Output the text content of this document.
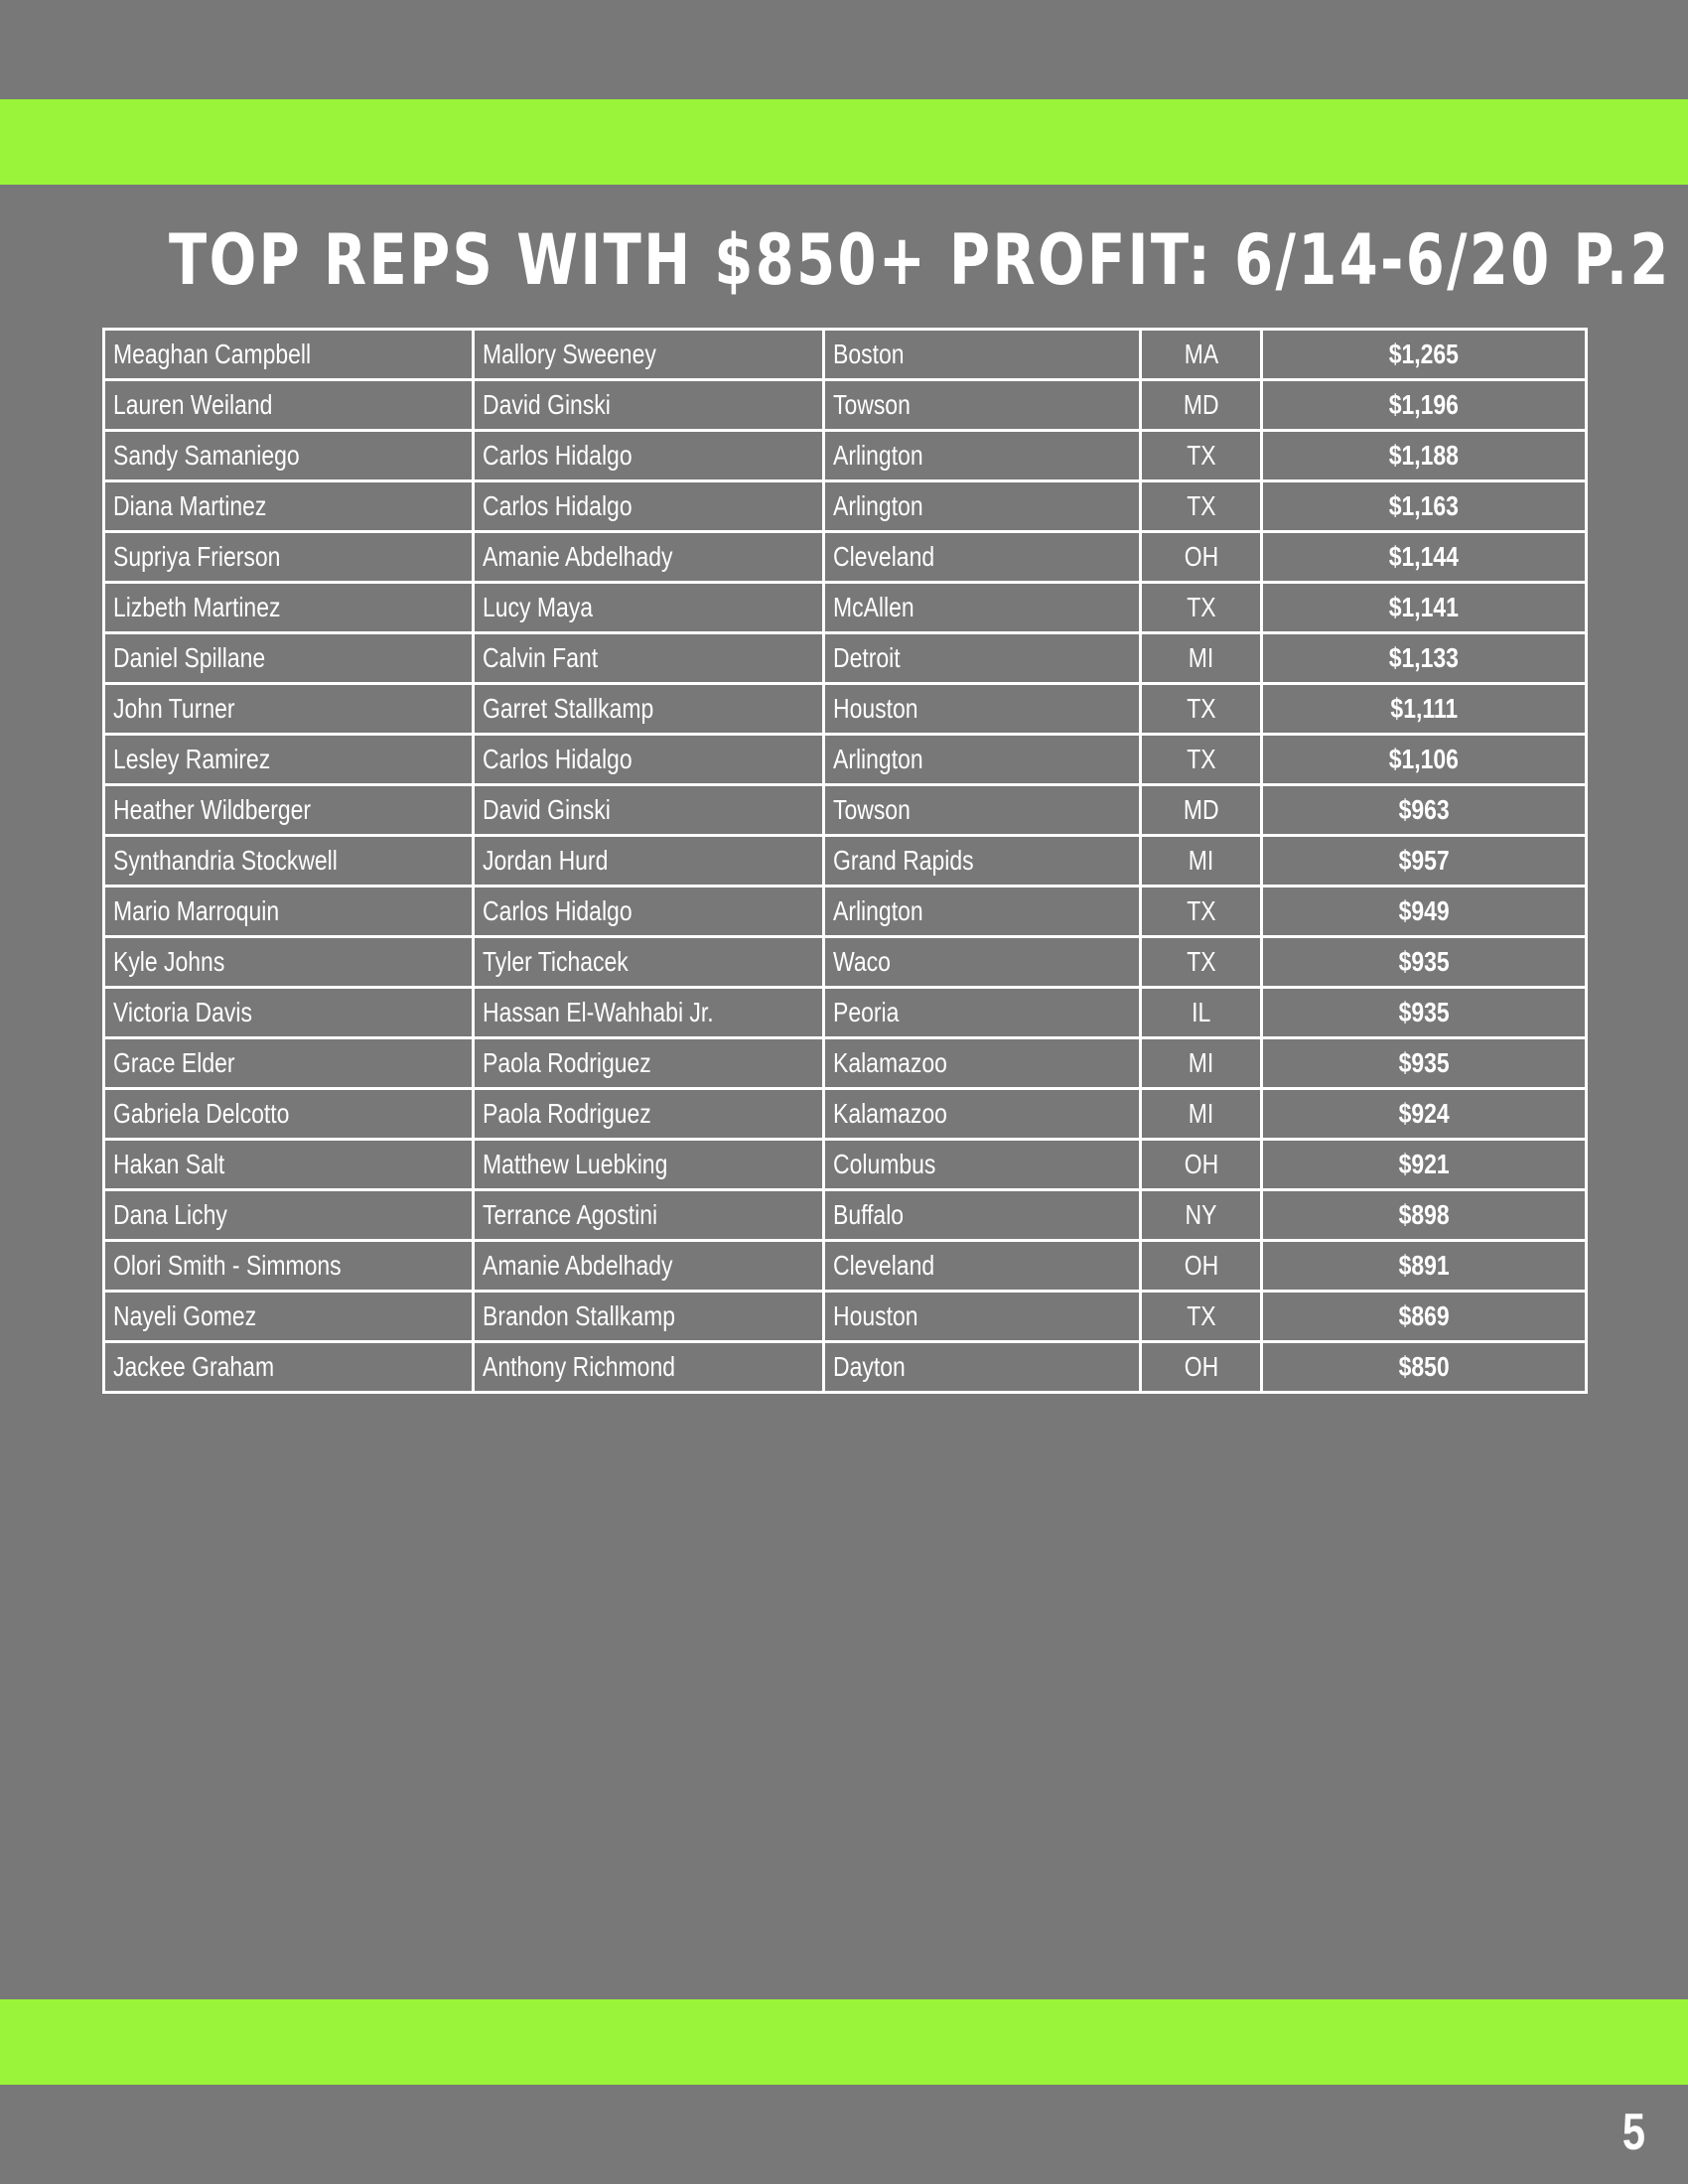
TOP REPS WITH $850+ PROFIT: 6/14-6/20 P.2
Meaghan Campbell	Mallory Sweeney	Boston	MA	$1,265
Lauren Weiland	David Ginski	Towson	MD	$1,196
Sandy Samaniego	Carlos Hidalgo	Arlington	TX	$1,188
Diana Martinez	Carlos Hidalgo	Arlington	TX	$1,163
Supriya Frierson	Amanie Abdelhady	Cleveland	OH	$1,144
Lizbeth Martinez	Lucy Maya	McAllen	TX	$1,141
Daniel Spillane	Calvin Fant	Detroit	MI	$1,133
John Turner	Garret Stallkamp	Houston	TX	$1,111
Lesley Ramirez	Carlos Hidalgo	Arlington	TX	$1,106
Heather Wildberger	David Ginski	Towson	MD	$963
Synthandria Stockwell	Jordan Hurd	Grand Rapids	MI	$957
Mario Marroquin	Carlos Hidalgo	Arlington	TX	$949
Kyle Johns	Tyler Tichacek	Waco	TX	$935
Victoria Davis	Hassan El-Wahhabi Jr.	Peoria	IL	$935
Grace Elder	Paola Rodriguez	Kalamazoo	MI	$935
Gabriela Delcotto	Paola Rodriguez	Kalamazoo	MI	$924
Hakan Salt	Matthew Luebking	Columbus	OH	$921
Dana Lichy	Terrance Agostini	Buffalo	NY	$898
Olori Smith - Simmons	Amanie Abdelhady	Cleveland	OH	$891
Nayeli Gomez	Brandon Stallkamp	Houston	TX	$869
Jackee Graham	Anthony Richmond	Dayton	OH	$850
5
